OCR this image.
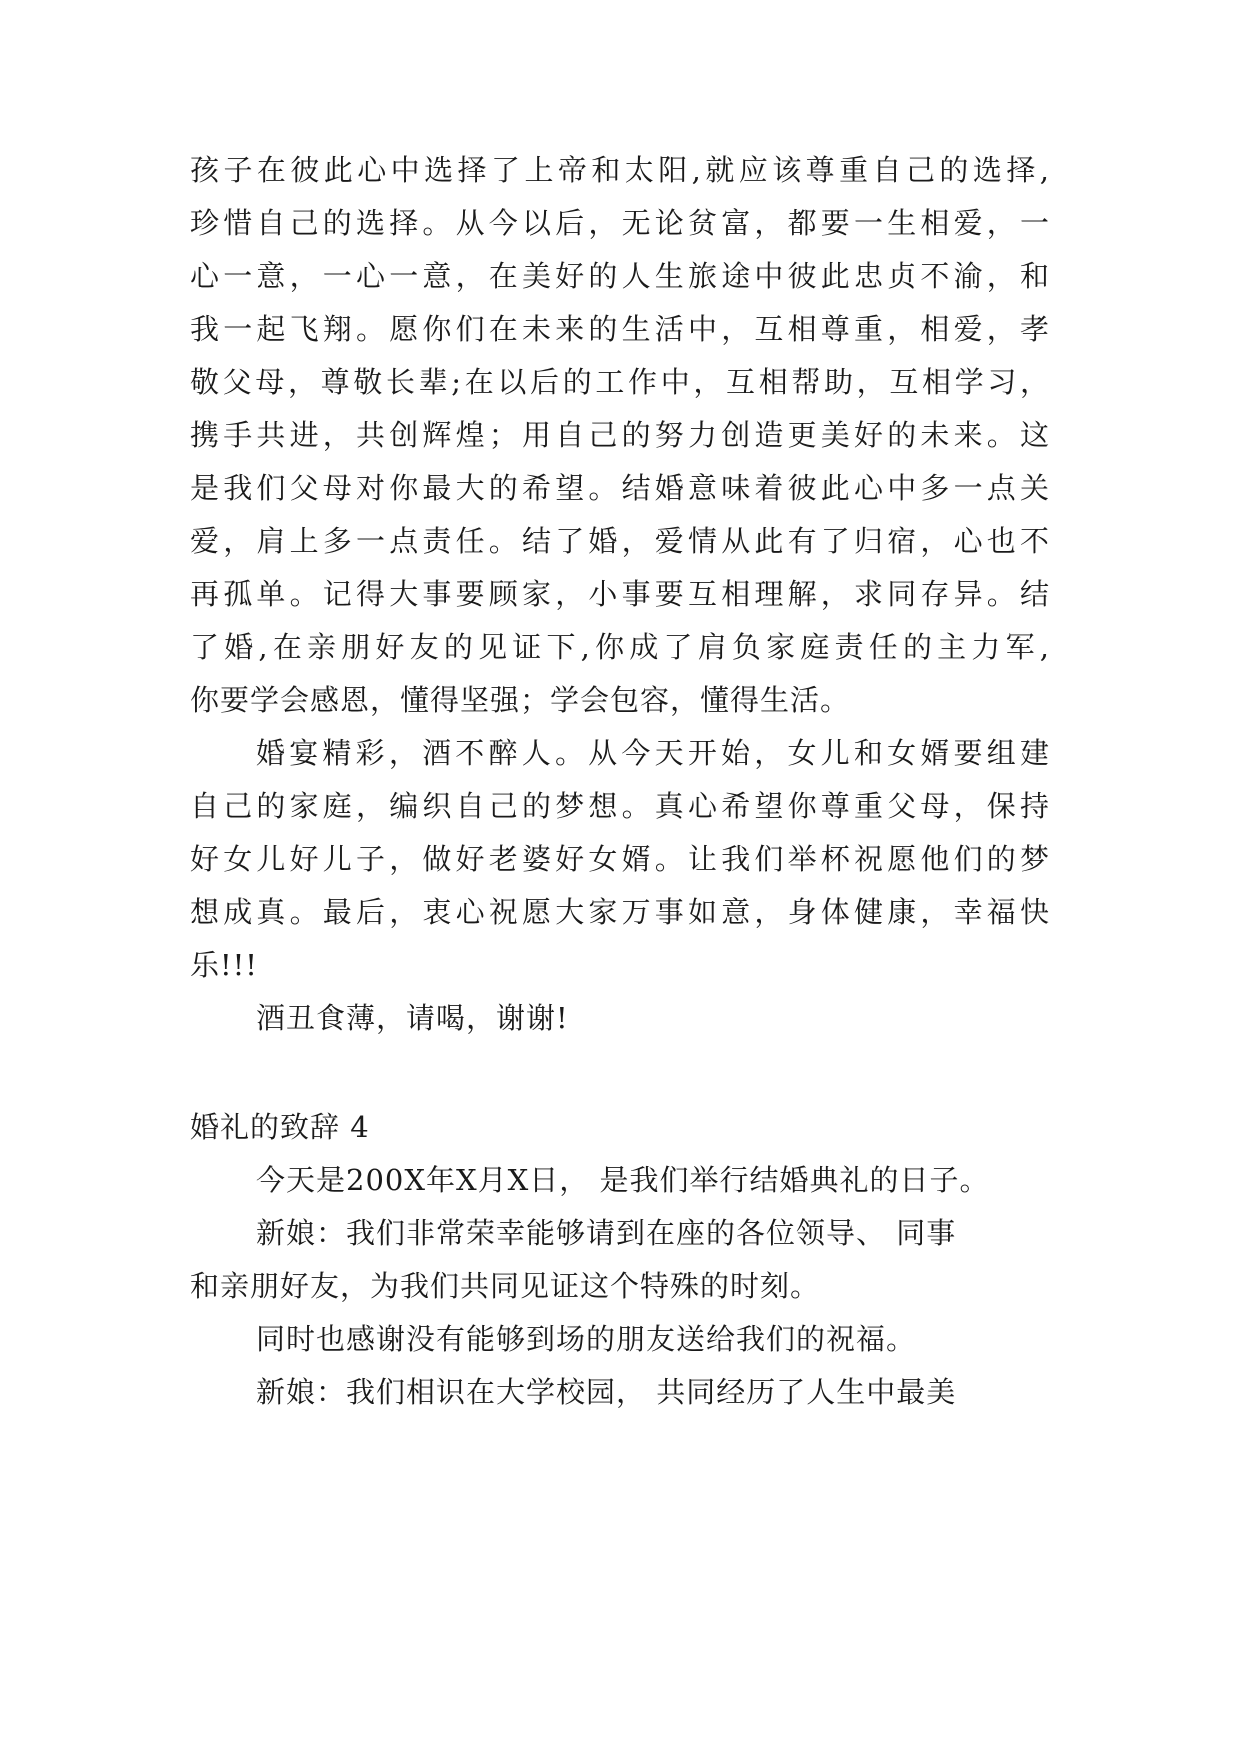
孩子在彼此心中选择了上帝和太阳,就应该尊重自己的选择,
珍惜自己的选择。从今以后，无论贫富，都要一生相爱，一
心一意，一心一意，在美好的人生旅途中彼此忠贞不渝，和
我一起飞翔。愿你们在未来的生活中，互相尊重，相爱，孝
敬父母，尊敬长辈;在以后的工作中，互相帮助，互相学习，
携手共进，共创辉煌；用自己的努力创造更美好的未来。这
是我们父母对你最大的希望。结婚意味着彼此心中多一点关
爱，肩上多一点责任。结了婚，爱情从此有了归宿，心也不
再孤单。记得大事要顾家，小事要互相理解，求同存异。结
了婚,在亲朋好友的见证下,你成了肩负家庭责任的主力军,
你要学会感恩，懂得坚强；学会包容，懂得生活。
婚宴精彩，酒不醉人。从今天开始，女儿和女婿要组建
自己的家庭，编织自己的梦想。真心希望你尊重父母，保持
好女儿好儿子，做好老婆好女婿。让我们举杯祝愿他们的梦
想成真。最后，衷心祝愿大家万事如意，身体健康，幸福快
乐!!!
酒丑食薄，请喝，谢谢!
婚礼的致辞 4
今天是200X年X月X日， 是我们举行结婚典礼的日子。
新娘：我们非常荣幸能够请到在座的各位领导、 同事
和亲朋好友，为我们共同见证这个特殊的时刻。
同时也感谢没有能够到场的朋友送给我们的祝福。
新娘：我们相识在大学校园， 共同经历了人生中最美
